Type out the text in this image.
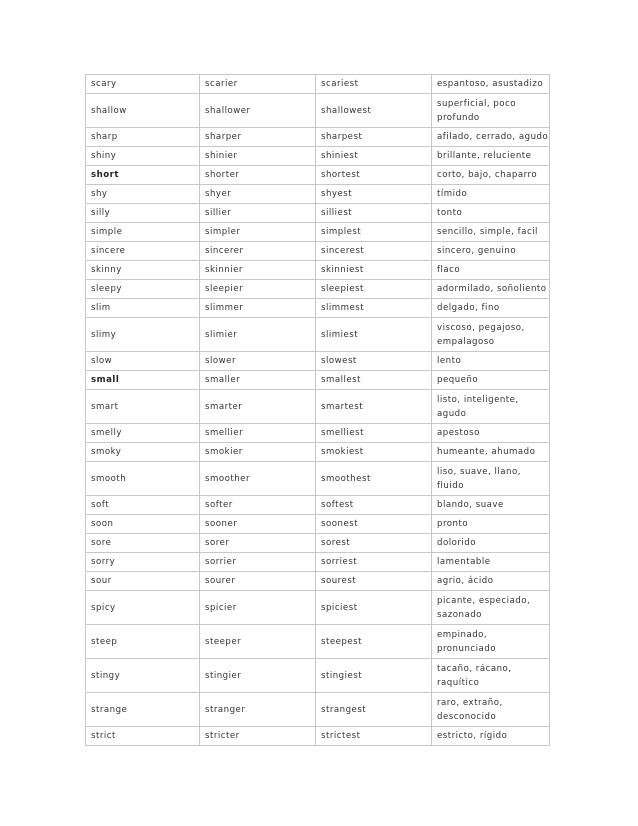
scary	scarier	scariest	espantoso, asustadizo
shallow	shallower	shallowest	superficial, poco profundo
sharp	sharper	sharpest	afilado, cerrado, agudo
shiny	shinier	shiniest	brillante, reluciente
short	shorter	shortest	corto, bajo, chaparro
shy	shyer	shyest	tímido
silly	sillier	silliest	tonto
simple	simpler	simplest	sencillo, simple, facil
sincere	sincerer	sincerest	sincero, genuino
skinny	skinnier	skinniest	flaco
sleepy	sleepier	sleepiest	adormilado, soñoliento
slim	slimmer	slimmest	delgado, fino
slimy	slimier	slimiest	viscoso, pegajoso, empalagoso
slow	slower	slowest	lento
small	smaller	smallest	pequeño
smart	smarter	smartest	listo, inteligente, agudo
smelly	smellier	smelliest	apestoso
smoky	smokier	smokiest	humeante, ahumado
smooth	smoother	smoothest	liso, suave, llano, fluido
soft	softer	softest	blando, suave
soon	sooner	soonest	pronto
sore	sorer	sorest	dolorido
sorry	sorrier	sorriest	lamentable
sour	sourer	sourest	agrio, ácido
spicy	spicier	spiciest	picante, especiado, sazonado
steep	steeper	steepest	empinado, pronunciado
stingy	stingier	stingiest	tacaño, rácano, raquítico
strange	stranger	strangest	raro, extraño, desconocido
strict	stricter	strictest	estricto, rígido
